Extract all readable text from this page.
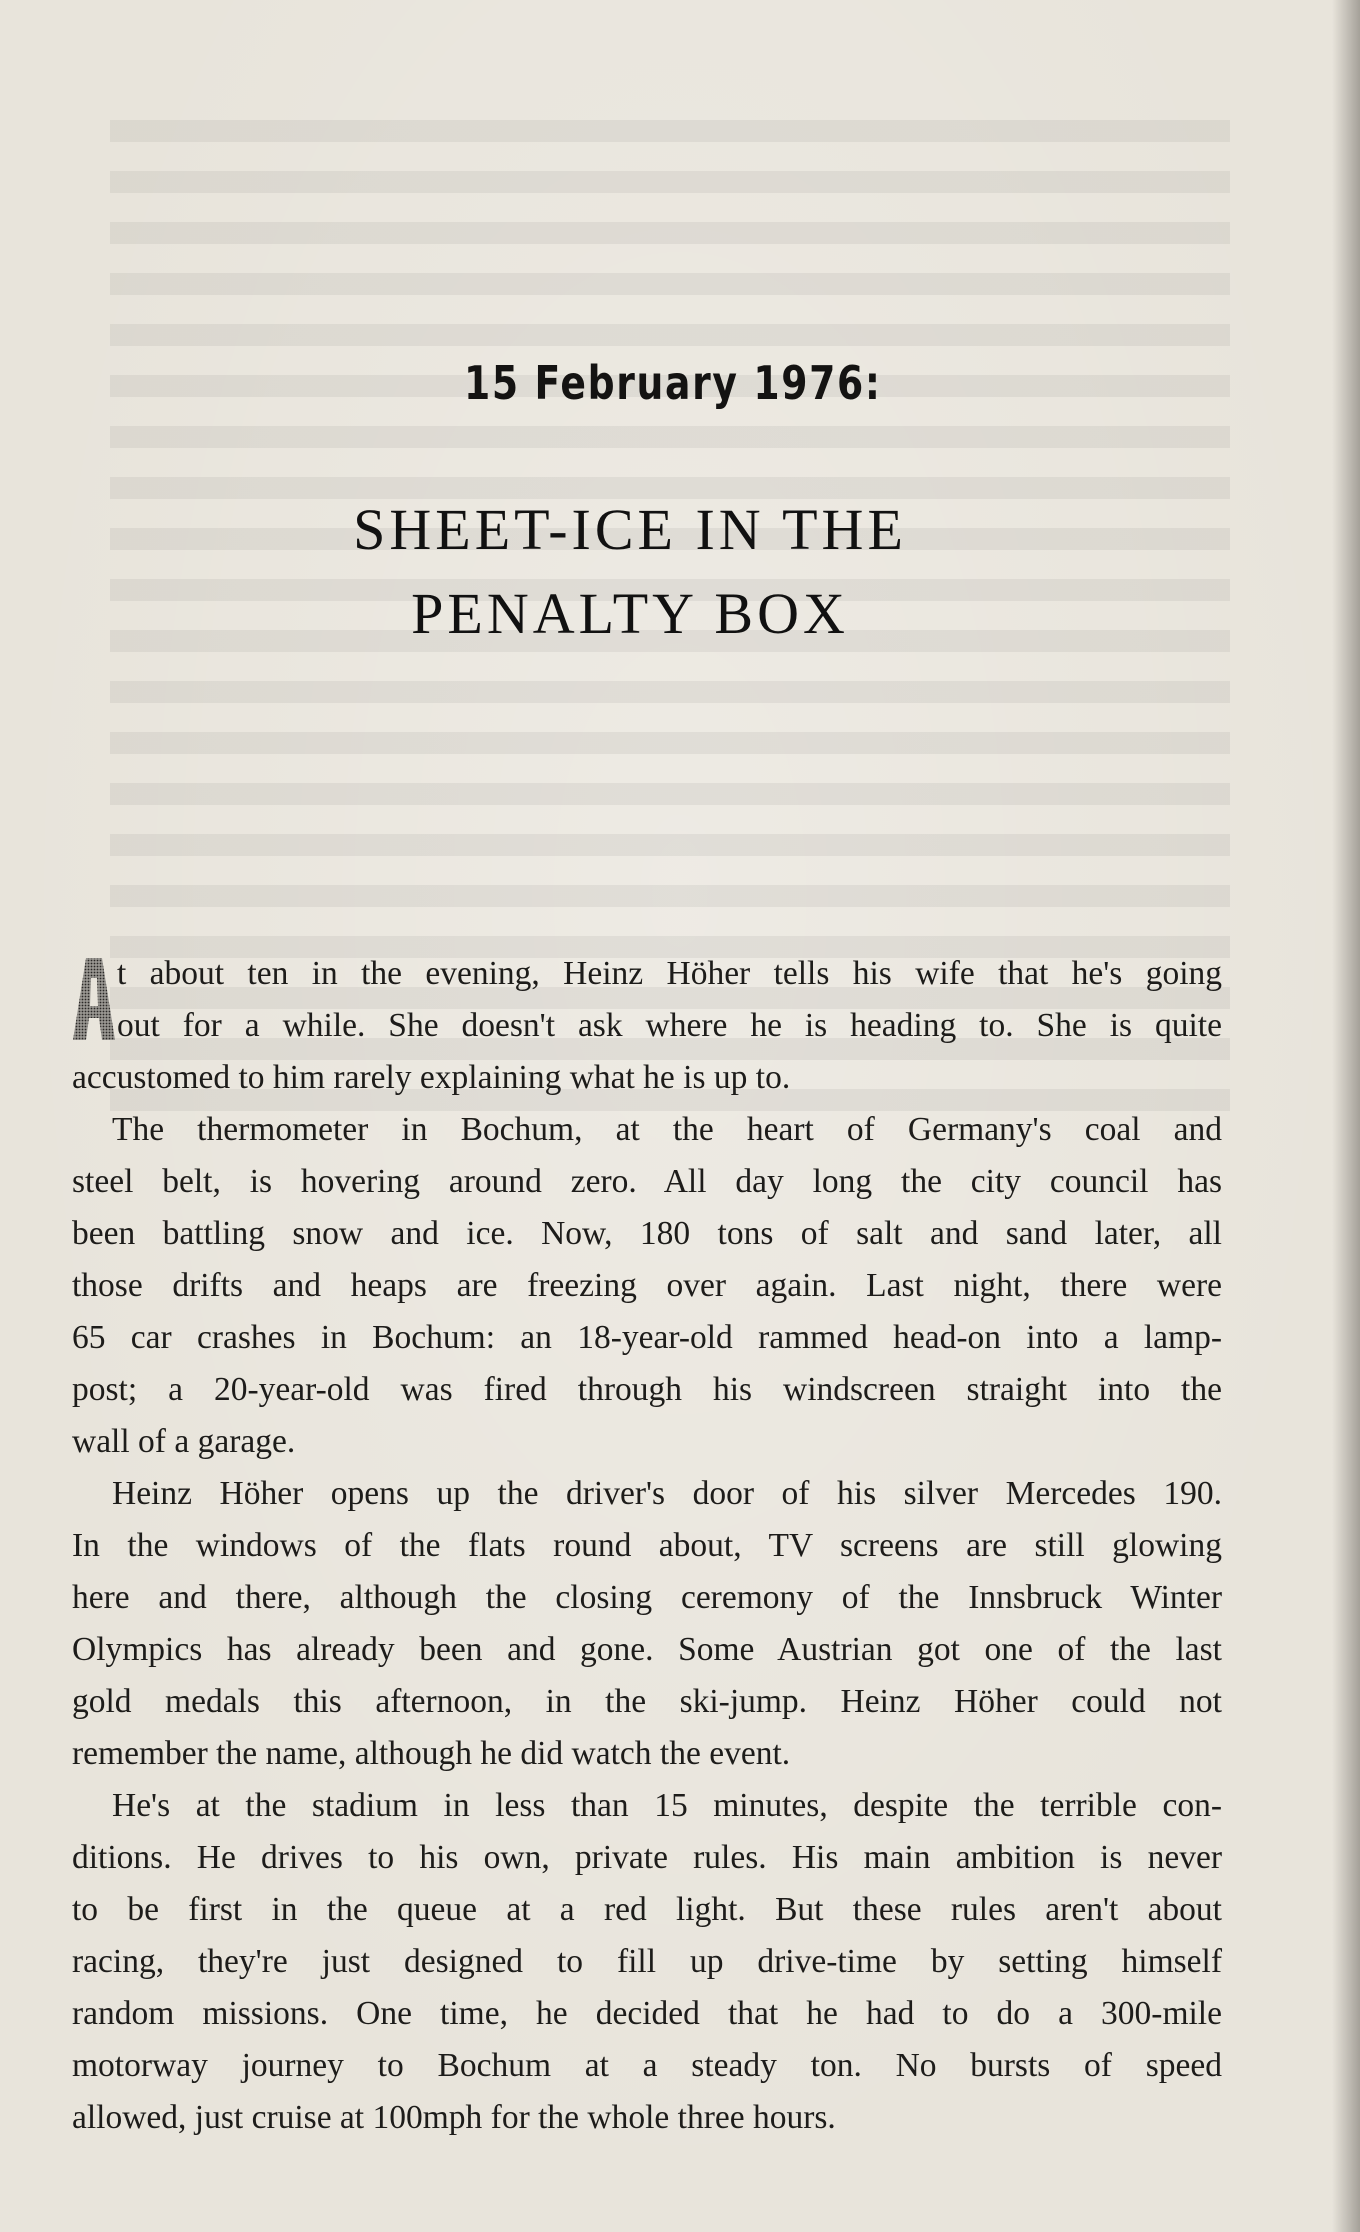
15 February 1976:
SHEET-ICE IN THE
PENALTY BOX
t about ten in the evening, Heinz Höher tells his wife that he's going
out for a while. She doesn't ask where he is heading to. She is quite
accustomed to him rarely explaining what he is up to.
The thermometer in Bochum, at the heart of Germany's coal and
steel belt, is hovering around zero. All day long the city council has
been battling snow and ice. Now, 180 tons of salt and sand later, all
those drifts and heaps are freezing over again. Last night, there were
65 car crashes in Bochum: an 18-year-old rammed head-on into a lamp-
post; a 20-year-old was fired through his windscreen straight into the
wall of a garage.
Heinz Höher opens up the driver's door of his silver Mercedes 190.
In the windows of the flats round about, TV screens are still glowing
here and there, although the closing ceremony of the Innsbruck Winter
Olympics has already been and gone. Some Austrian got one of the last
gold medals this afternoon, in the ski-jump. Heinz Höher could not
remember the name, although he did watch the event.
He's at the stadium in less than 15 minutes, despite the terrible con-
ditions. He drives to his own, private rules. His main ambition is never
to be first in the queue at a red light. But these rules aren't about
racing, they're just designed to fill up drive-time by setting himself
random missions. One time, he decided that he had to do a 300-mile
motorway journey to Bochum at a steady ton. No bursts of speed
allowed, just cruise at 100mph for the whole three hours.
